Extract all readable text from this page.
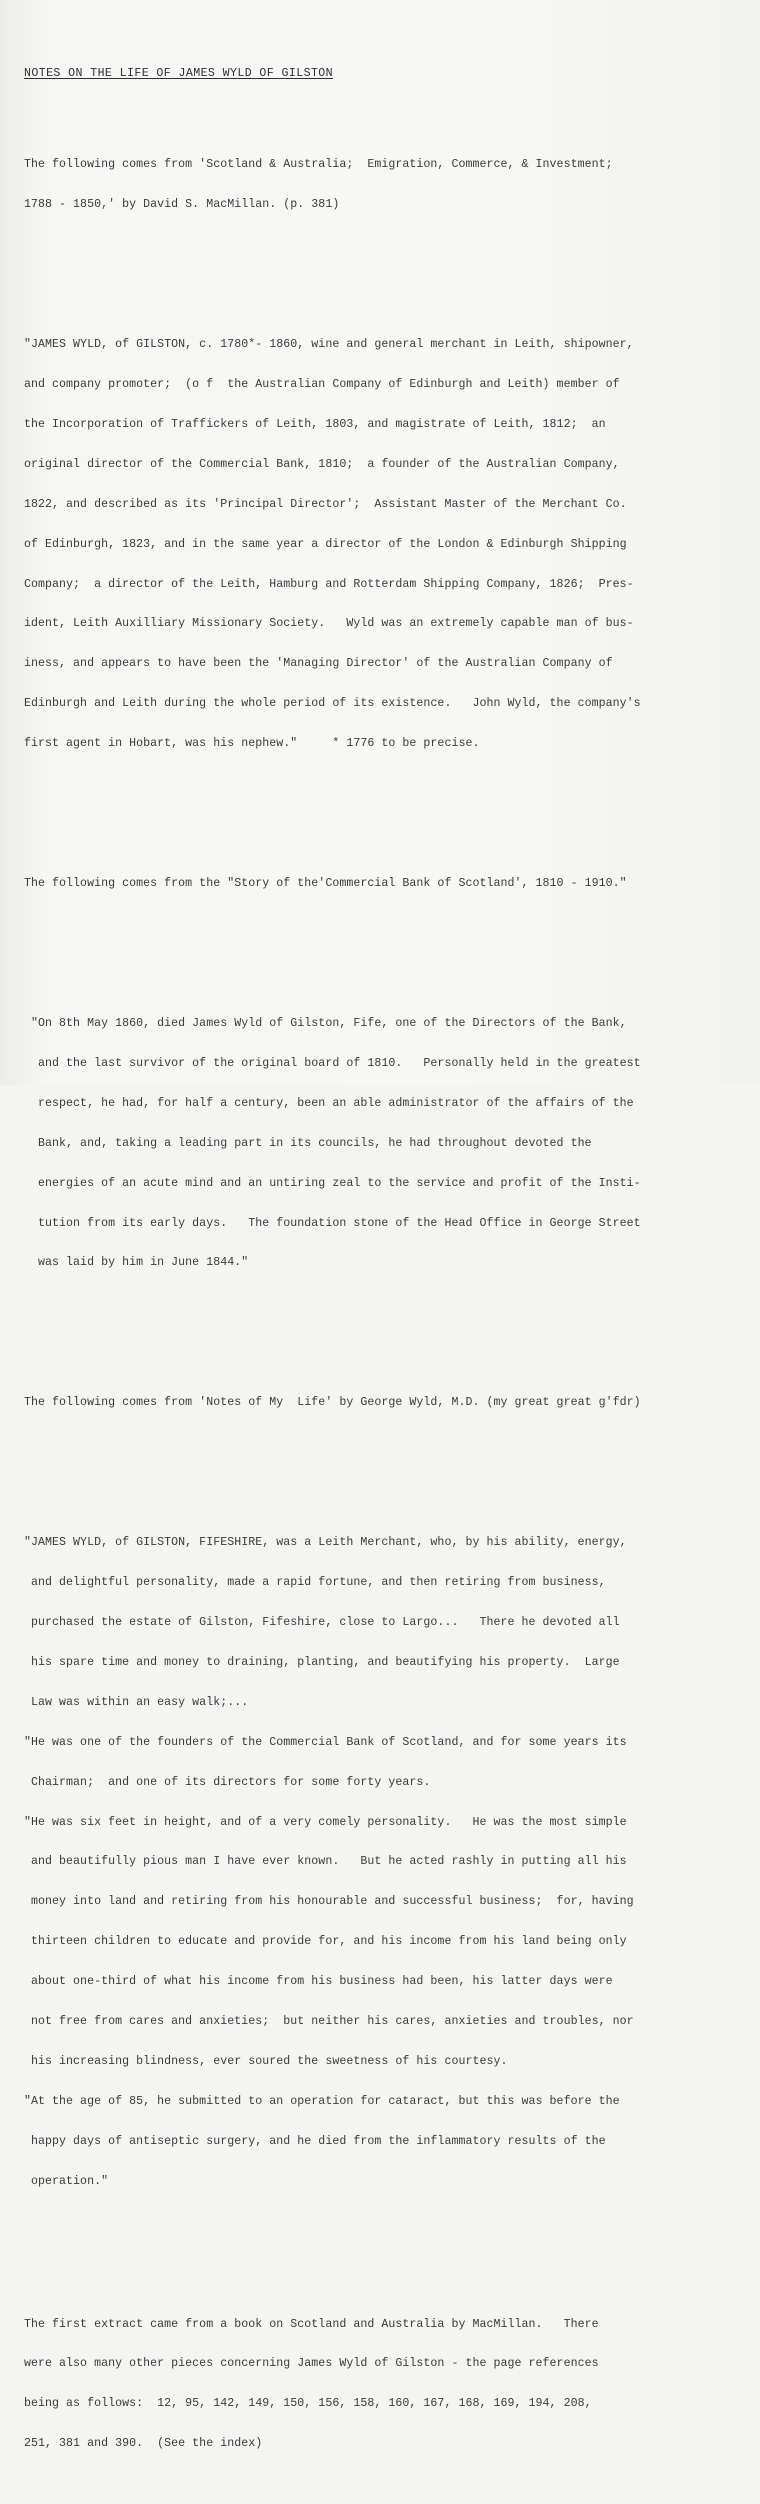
NOTES ON THE LIFE OF JAMES WYLD OF GILSTON

The following comes from 'Scotland & Australia;  Emigration, Commerce, & Investment;

1788 - 1850,' by David S. MacMillan. (p. 381)

"JAMES WYLD, of GILSTON, c. 1780*- 1860, wine and general merchant in Leith, shipowner,

and company promoter;  (o f  the Australian Company of Edinburgh and Leith) member of

the Incorporation of Traffickers of Leith, 1803, and magistrate of Leith, 1812;  an

original director of the Commercial Bank, 1810;  a founder of the Australian Company,

1822, and described as its 'Principal Director';  Assistant Master of the Merchant Co.

of Edinburgh, 1823, and in the same year a director of the London & Edinburgh Shipping

Company;  a director of the Leith, Hamburg and Rotterdam Shipping Company, 1826;  Pres-

ident, Leith Auxilliary Missionary Society.   Wyld was an extremely capable man of bus-

iness, and appears to have been the 'Managing Director' of the Australian Company of

Edinburgh and Leith during the whole period of its existence.   John Wyld, the company's

first agent in Hobart, was his nephew."     * 1776 to be precise.

The following comes from the "Story of the'Commercial Bank of Scotland', 1810 - 1910."

"On 8th May 1860, died James Wyld of Gilston, Fife, one of the Directors of the Bank,

and the last survivor of the original board of 1810.   Personally held in the greatest

respect, he had, for half a century, been an able administrator of the affairs of the

Bank, and, taking a leading part in its councils, he had throughout devoted the

energies of an acute mind and an untiring zeal to the service and profit of the Insti-

tution from its early days.   The foundation stone of the Head Office in George Street

was laid by him in June 1844."

The following comes from 'Notes of My  Life' by George Wyld, M.D. (my great great g'fdr)

"JAMES WYLD, of GILSTON, FIFESHIRE, was a Leith Merchant, who, by his ability, energy,

and delightful personality, made a rapid fortune, and then retiring from business,

purchased the estate of Gilston, Fifeshire, close to Largo...   There he devoted all

his spare time and money to draining, planting, and beautifying his property.  Large

Law was within an easy walk;...

"He was one of the founders of the Commercial Bank of Scotland, and for some years its

Chairman;  and one of its directors for some forty years.

"He was six feet in height, and of a very comely personality.   He was the most simple

and beautifully pious man I have ever known.   But he acted rashly in putting all his

money into land and retiring from his honourable and successful business;  for, having

thirteen children to educate and provide for, and his income from his land being only

about one-third of what his income from his business had been, his latter days were

not free from cares and anxieties;  but neither his cares, anxieties and troubles, nor

his increasing blindness, ever soured the sweetness of his courtesy.

"At the age of 85, he submitted to an operation for cataract, but this was before the

happy days of antiseptic surgery, and he died from the inflammatory results of the

operation."

The first extract came from a book on Scotland and Australia by MacMillan.   There

were also many other pieces concerning James Wyld of Gilston - the page references

being as follows:  12, 95, 142, 149, 150, 156, 158, 160, 167, 168, 169, 194, 208,

251, 381 and 390.  (See the index)
